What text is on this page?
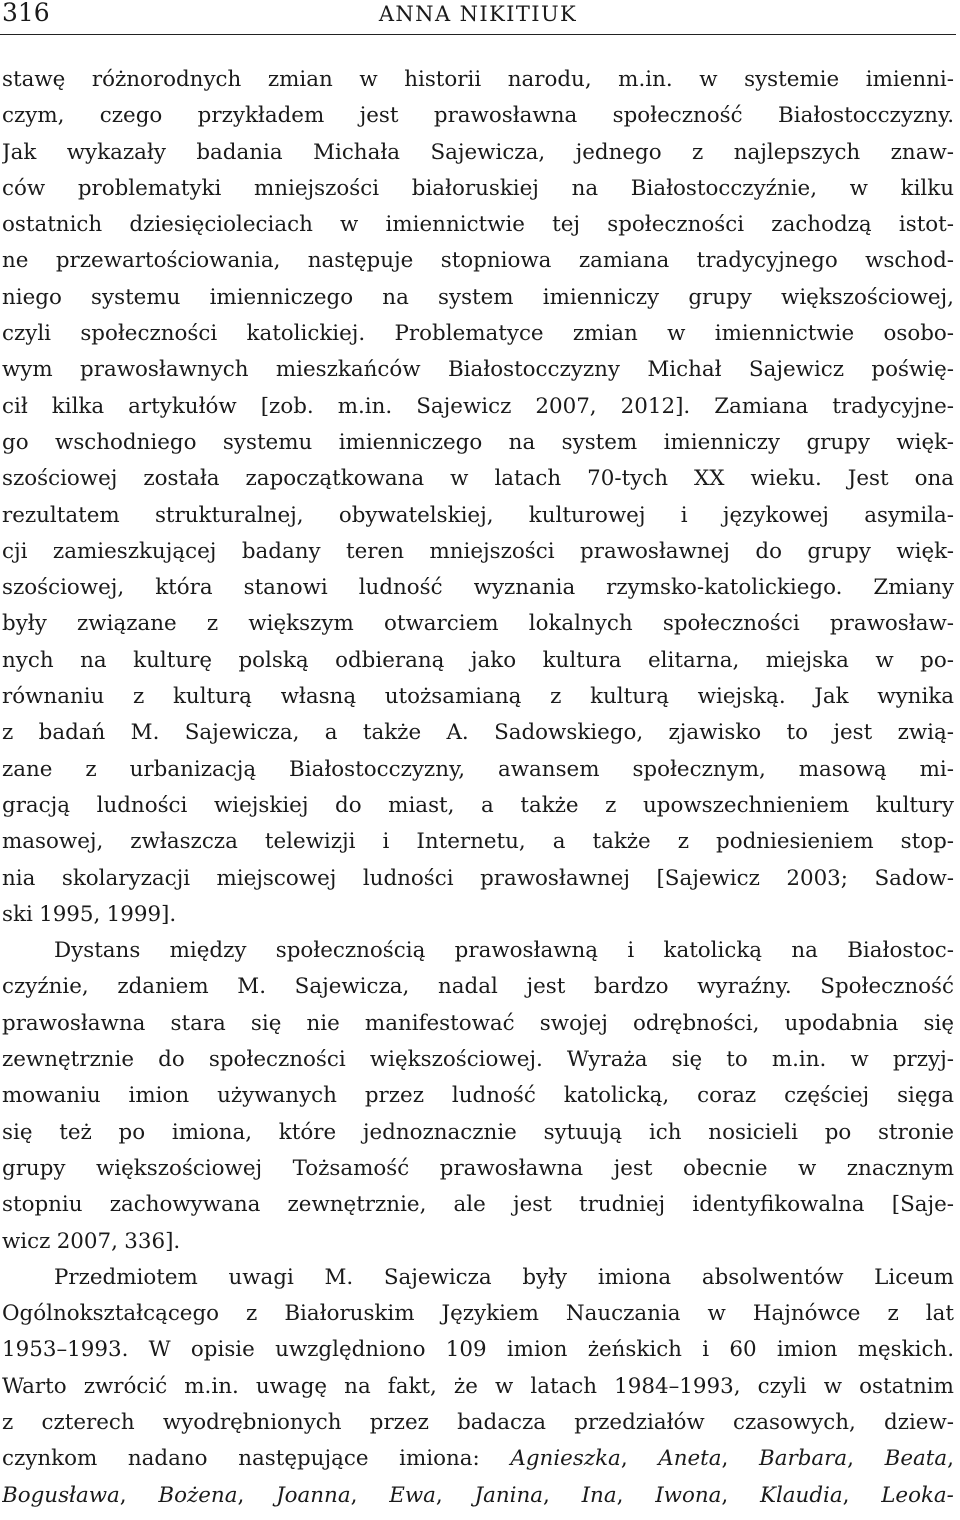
316	ANNA NIKITIUK
stawę różnorodnych zmian w historii narodu, m.in. w systemie imienni-
czym, czego przykładem jest prawosławna społeczność Białostocczyzny.
Jak wykazały badania Michała Sajewicza, jednego z najlepszych znaw-
ców problematyki mniejszości białoruskiej na Białostocczyźnie, w kilku
ostatnich dziesięcioleciach w imiennictwie tej społeczności zachodzą istot-
ne przewartościowania, następuje stopniowa zamiana tradycyjnego wschod-
niego systemu imienniczego na system imienniczy grupy większościowej,
czyli społeczności katolickiej. Problematyce zmian w imiennictwie osobo-
wym prawosławnych mieszkańców Białostocczyzny Michał Sajewicz poświę-
cił kilka artykułów [zob. m.in. Sajewicz 2007, 2012]. Zamiana tradycyjne-
go wschodniego systemu imienniczego na system imienniczy grupy więk-
szościowej została zapoczątkowana w latach 70-tych XX wieku. Jest ona
rezultatem strukturalnej, obywatelskiej, kulturowej i językowej asymila-
cji zamieszkującej badany teren mniejszości prawosławnej do grupy więk-
szościowej, która stanowi ludność wyznania rzymsko-katolickiego. Zmiany
były związane z większym otwarciem lokalnych społeczności prawosław-
nych na kulturę polską odbieraną jako kultura elitarna, miejska w po-
równaniu z kulturą własną utożsamianą z kulturą wiejską. Jak wynika
z badań M. Sajewicza, a także A. Sadowskiego, zjawisko to jest zwią-
zane z urbanizacją Białostocczyzny, awansem społecznym, masową mi-
gracją ludności wiejskiej do miast, a także z upowszechnieniem kultury
masowej, zwłaszcza telewizji i Internetu, a także z podniesieniem stop-
nia skolaryzacji miejscowej ludności prawosławnej [Sajewicz 2003; Sadow-
ski 1995, 1999].
Dystans między społecznością prawosławną i katolicką na Białostoc-
czyźnie, zdaniem M. Sajewicza, nadal jest bardzo wyraźny. Społeczność
prawosławna stara się nie manifestować swojej odrębności, upodabnia się
zewnętrznie do społeczności większościowej. Wyraża się to m.in. w przyj-
mowaniu imion używanych przez ludność katolicką, coraz częściej sięga
się też po imiona, które jednoznacznie sytuują ich nosicieli po stronie
grupy większościowej Tożsamość prawosławna jest obecnie w znacznym
stopniu zachowywana zewnętrznie, ale jest trudniej identyfikowalna [Saje-
wicz 2007, 336].
Przedmiotem uwagi M. Sajewicza były imiona absolwentów Liceum
Ogólnokształcącego z Białoruskim Językiem Nauczania w Hajnówce z lat
1953–1993. W opisie uwzględniono 109 imion żeńskich i 60 imion męskich.
Warto zwrócić m.in. uwagę na fakt, że w latach 1984–1993, czyli w ostatnim
z czterech wyodrębnionych przez badacza przedziałów czasowych, dziew-
czynkom nadano następujące imiona: Agnieszka, Aneta, Barbara, Beata,
Bogusława, Bożena, Joanna, Ewa, Janina, Ina, Iwona, Klaudia, Leoka-
